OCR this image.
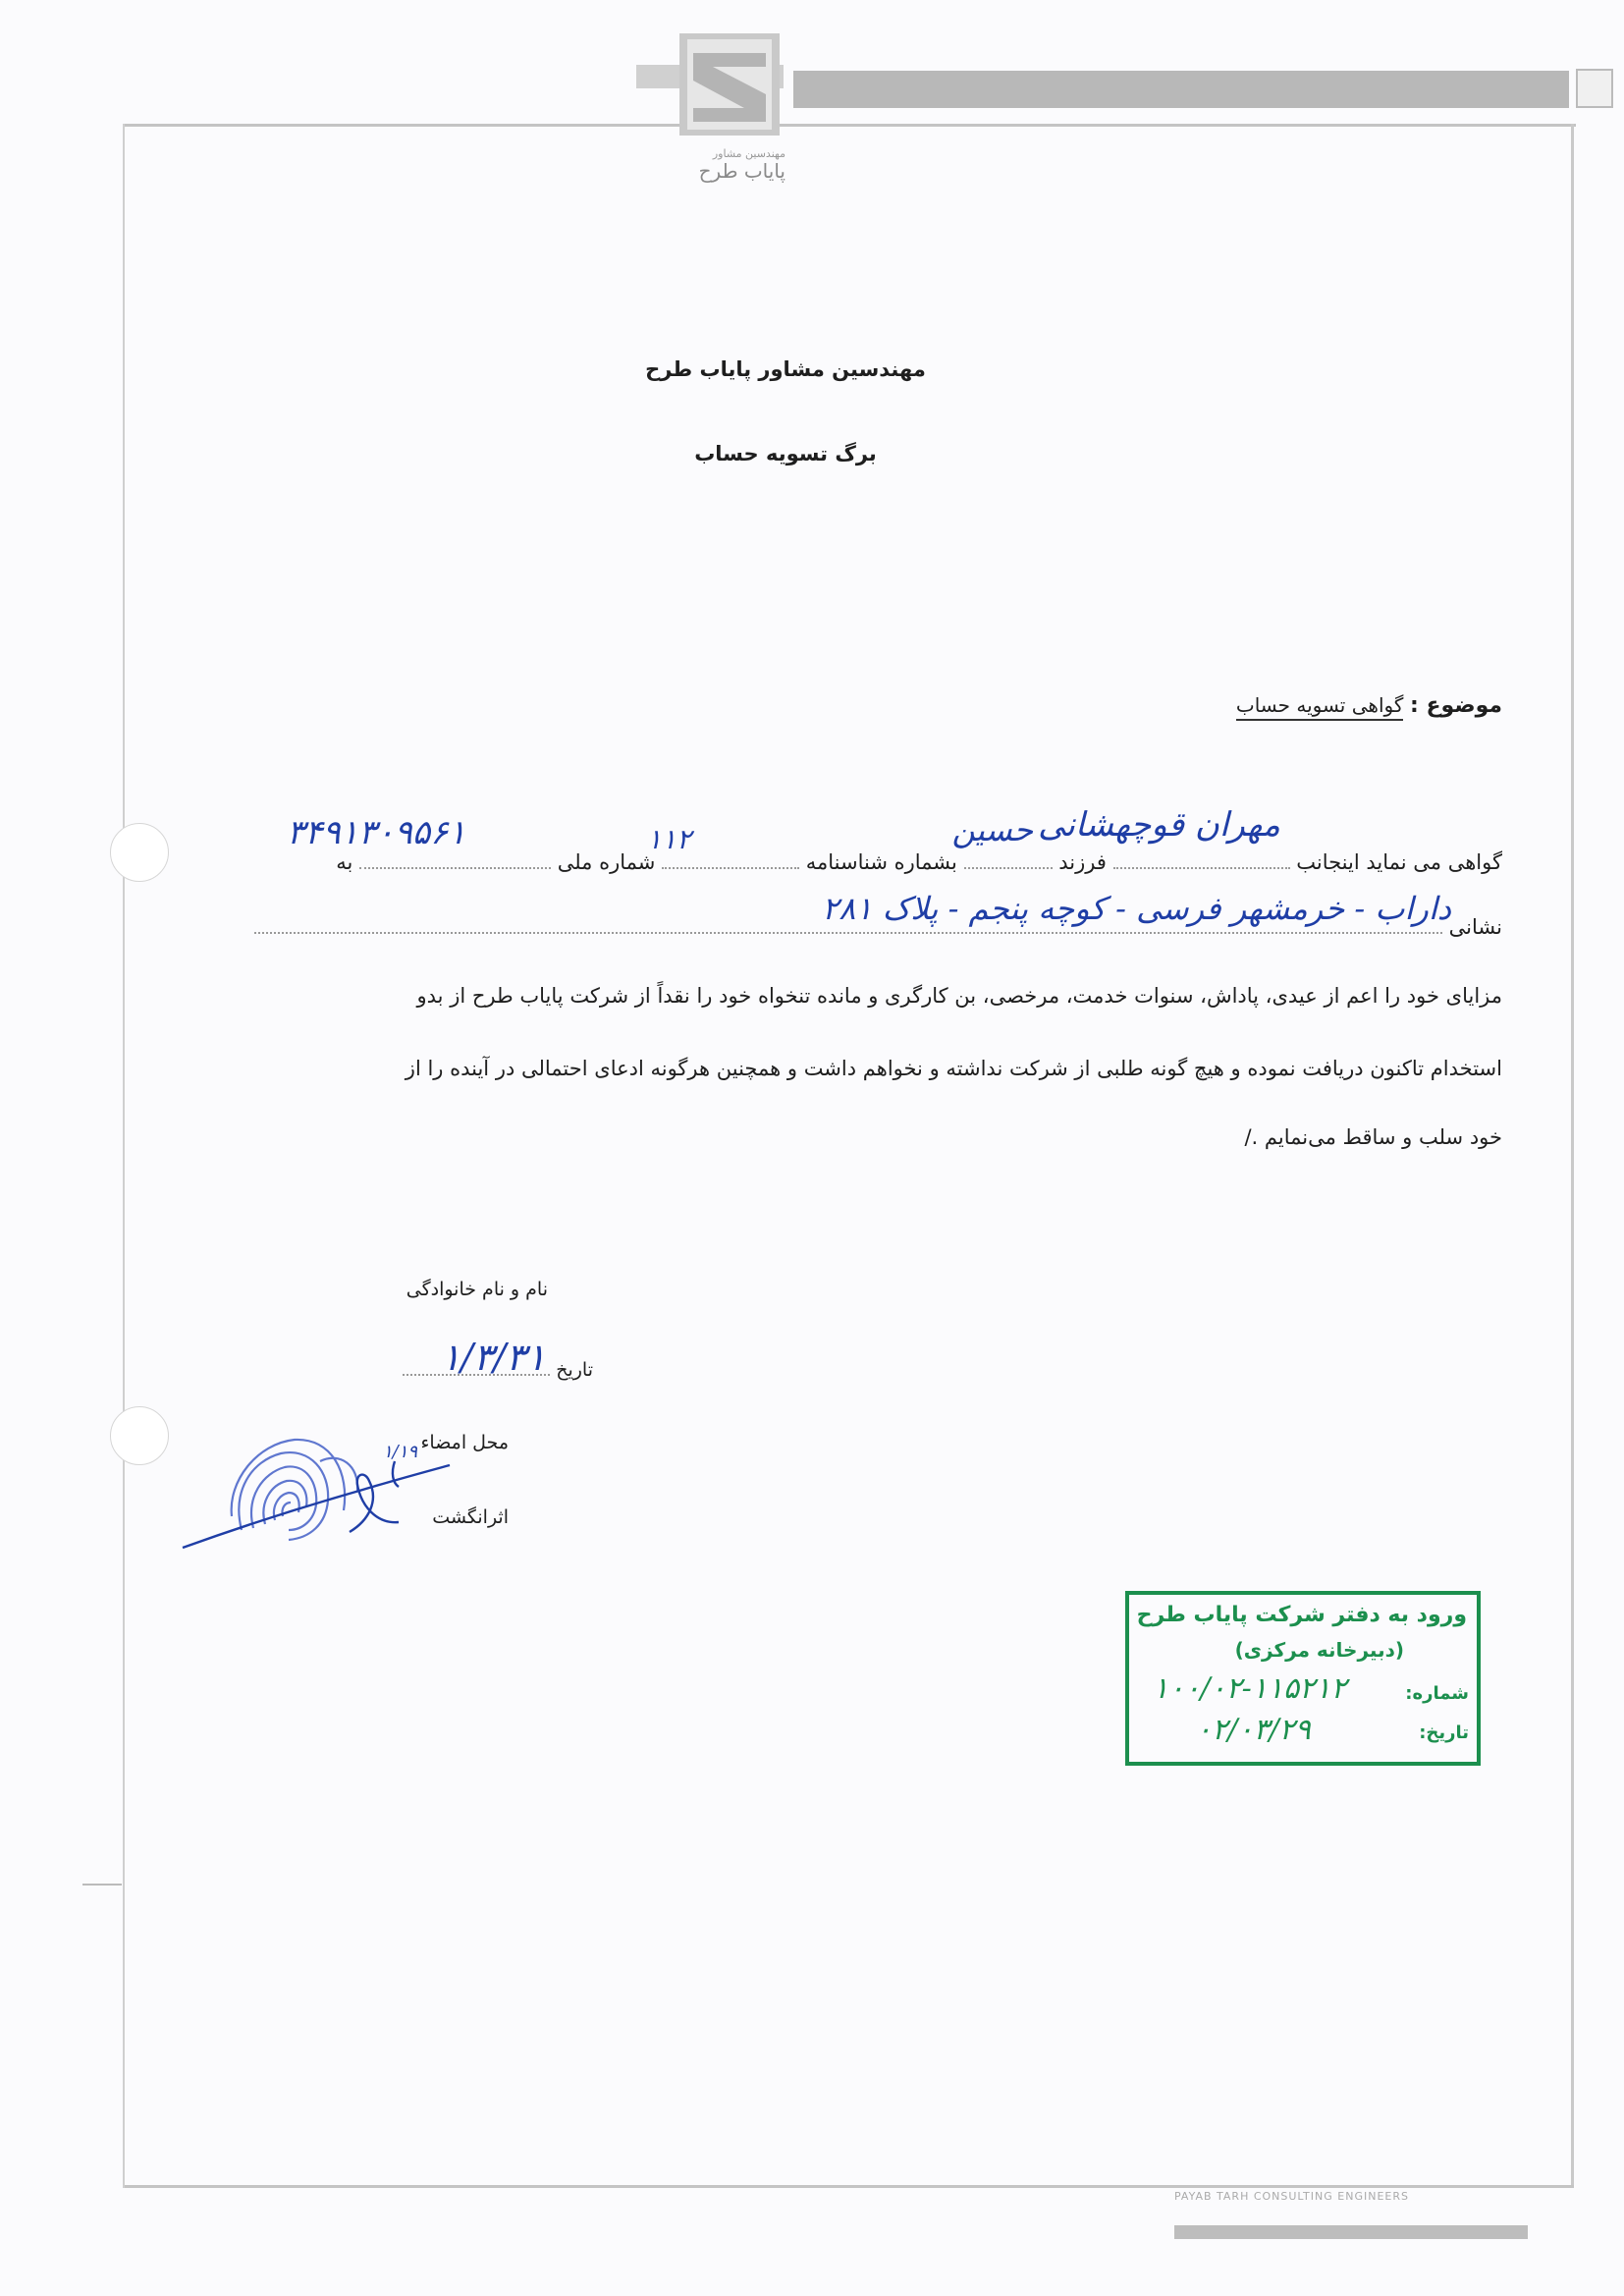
مهندسین مشاور
پایاب طرح
مهندسین مشاور پایاب طرح
برگ تسویه حساب
موضوع : گواهی تسویه حساب
گواهی می نماید اینجانب  فرزند  بشماره شناسنامه  شماره ملی  به
مهران قوچهشانی
حسین
۱۱۲
۳۴۹۱۳۰۹۵۶۱
نشانی
داراب - خرمشهر فرسی - کوچه پنجم - پلاک ۲۸۱
مزایای خود را اعم از عیدی، پاداش، سنوات خدمت، مرخصی، بن کارگری و مانده تنخواه خود را نقداً از شرکت پایاب طرح از بدو
استخدام تاکنون دریافت نموده و هیچ گونه طلبی از شرکت نداشته و نخواهم داشت و همچنین هرگونه ادعای احتمالی در آینده را از
خود سلب و ساقط می‌نمایم ./
نام و نام خانوادگی
تاریخ
۱/۳/۳۱
محل امضاء
اثرانگشت
۱/۱۹
ورود به دفتر شرکت پایاب طرح
(دبیرخانه مرکزی)
شماره:
۱۰۰/۰۲-۱۱۵۲۱۲
تاریخ:
۰۲/۰۳/۲۹
PAYAB TARH CONSULTING ENGINEERS
